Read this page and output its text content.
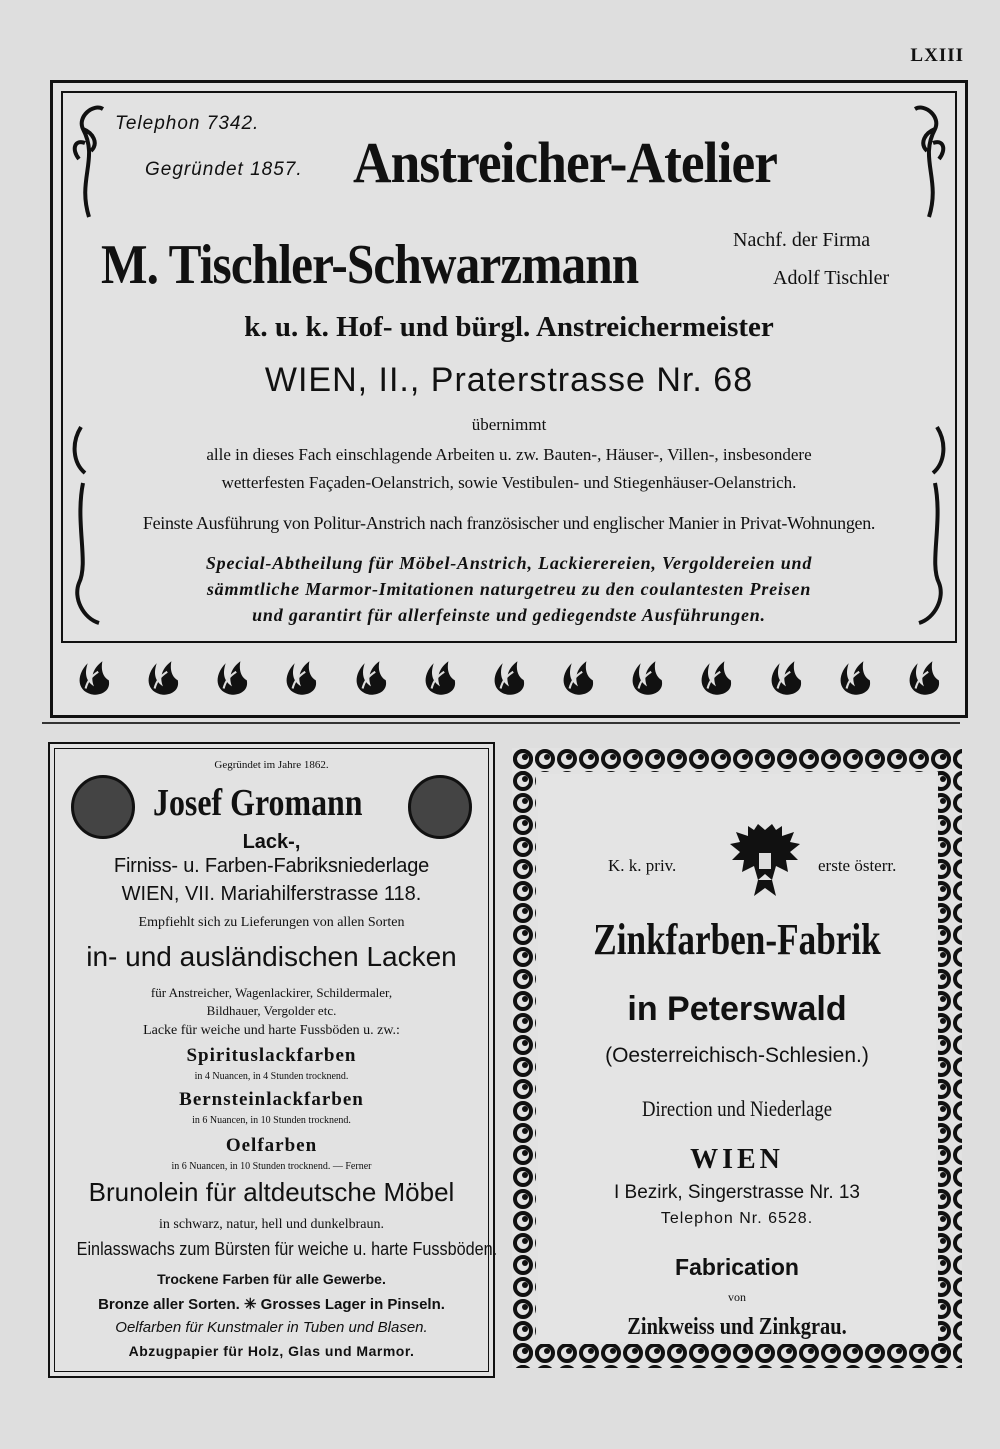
LXIII
Telephon 7342.
Gegründet 1857. Anstreicher-Atelier
M. Tischler-Schwarzmann	Nachf. der Firma
Adolf Tischler
k. u. k. Hof- und bürgl. Anstreichermeister
WIEN, II., Praterstrasse Nr. 68
übernimmt
alle in dieses Fach einschlagende Arbeiten u. zw. Bauten-, Häuser-, Villen-, insbesondere
wetterfesten Façaden-Oelanstrich, sowie Vestibulen- und Stiegenhäuser-Oelanstrich.
Feinste Ausführung von Politur-Anstrich nach französischer und englischer Manier in Privat-Wohnungen.
Special-Abtheilung für Möbel-Anstrich, Lackierereien, Vergoldereien und
sämmtliche Marmor-Imitationen naturgetreu zu den coulantesten Preisen
und garantirt für allerfeinste und gediegendste Ausführungen.
Gegründet im Jahre 1862.
Josef Gromann
Lack-,
Firniss- u. Farben-Fabriksniederlage
WIEN, VII. Mariahilferstrasse 118.
Empfiehlt sich zu Lieferungen von allen Sorten
in- und ausländischen Lacken
für Anstreicher, Wagenlackirer, Schildermaler,
Bildhauer, Vergolder etc.
Lacke für weiche und harte Fussböden u. zw.:
Spirituslackfarben
in 4 Nuancen, in 4 Stunden trocknend.
Bernsteinlackfarben
in 6 Nuancen, in 10 Stunden trocknend.
Oelfarben
in 6 Nuancen, in 10 Stunden trocknend. — Ferner
Brunolein für altdeutsche Möbel
in schwarz, natur, hell und dunkelbraun.
Einlasswachs zum Bürsten für weiche u. harte Fussböden.
Trockene Farben für alle Gewerbe.
Bronze aller Sorten. ✳ Grosses Lager in Pinseln.
Oelfarben für Kunstmaler in Tuben und Blasen.
Abzugpapier für Holz, Glas und Marmor.
K. k. priv.	erste österr.
Zinkfarben-Fabrik
in Peterswald
(Oesterreichisch-Schlesien.)
Direction und Niederlage
WIEN
I Bezirk, Singerstrasse Nr. 13
Telephon Nr. 6528.
Fabrication
von
Zinkweiss und Zinkgrau.
